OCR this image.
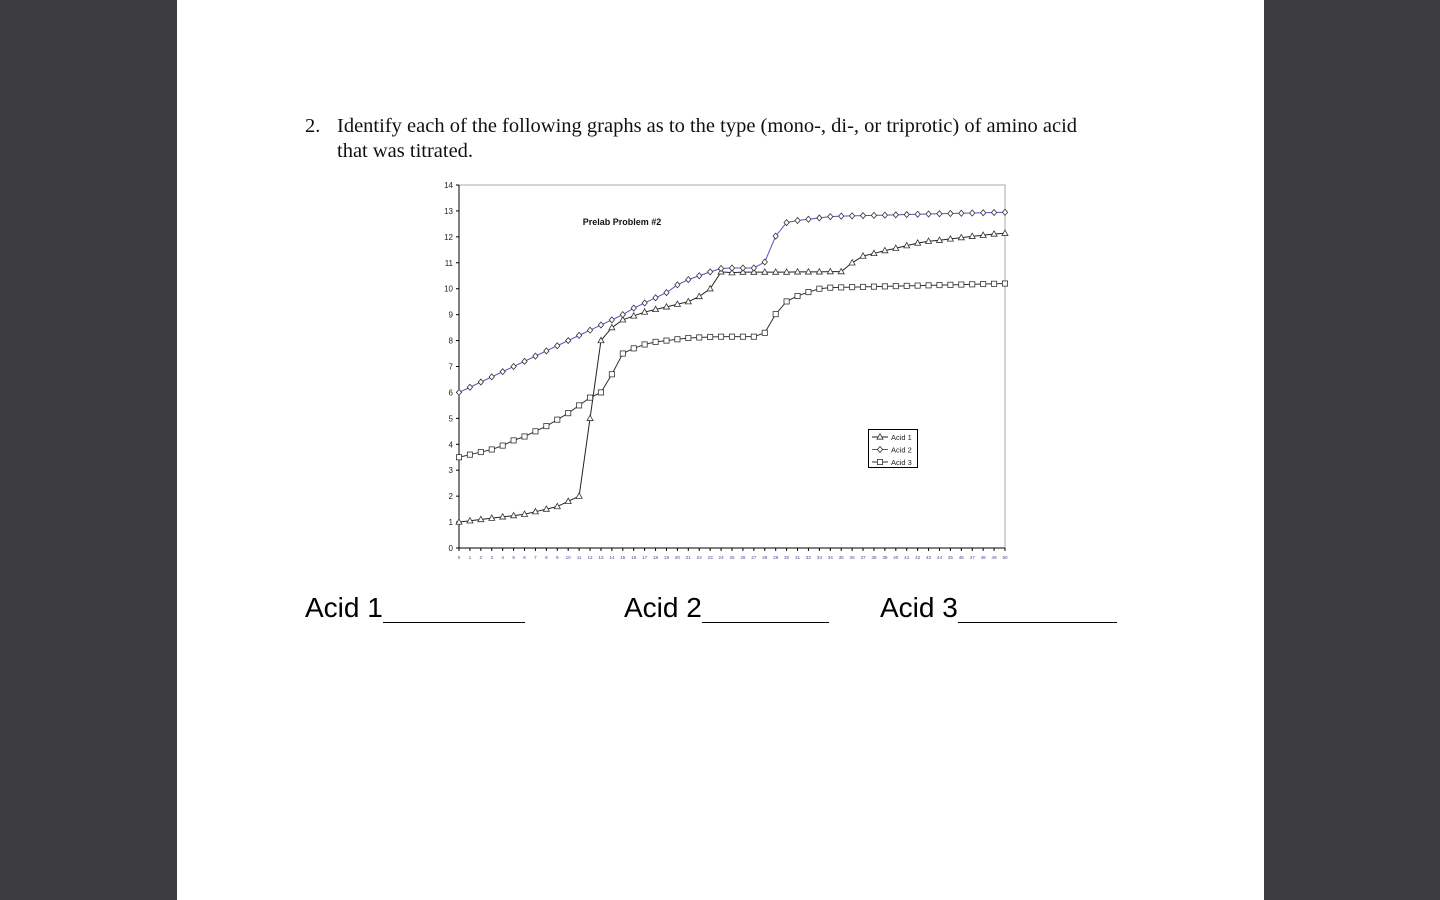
2. Identify each of the following graphs as to the type (mono-, di-, or triprotic) of amino acid
that was titrated.
0
1
2
3
4
5
6
7
8
9
10
11
12
13
14
0 1 2 3 4 5 6 7 8 9 10 11 12 13 14 15 16 17 18 19 20 21 22 23 24 25 26 27 28 29 30 31 32 33 34 35 36 37 38 39 40 41 42 43 44 45 46 47 48 49 50
Prelab Problem #2
Acid 1
Acid 2
Acid 3
Acid 1	Acid 2	Acid 3
